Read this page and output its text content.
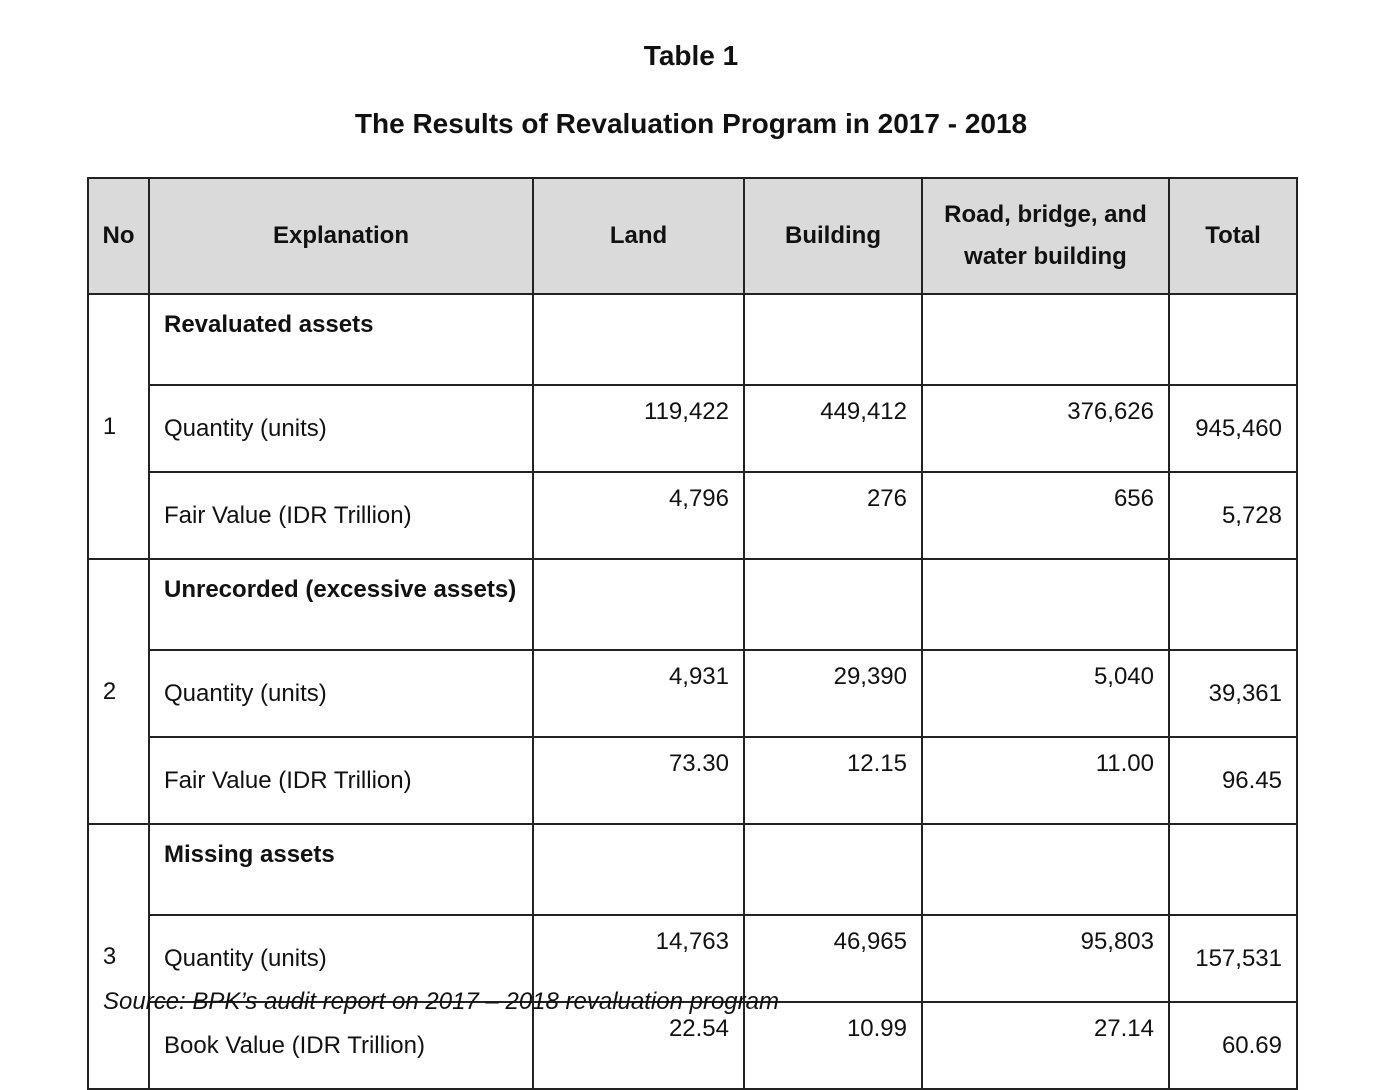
Table 1
The Results of Revaluation Program in 2017 - 2018
No	Explanation	Land	Building	Road, bridge, and
water building	Total
1	Revaluated assets				
	Quantity (units)	119,422	449,412	376,626	945,460
	Fair Value (IDR Trillion)	4,796	276	656	5,728
2	Unrecorded (excessive assets)				
	Quantity (units)	4,931	29,390	5,040	39,361
	Fair Value (IDR Trillion)	73.30	12.15	11.00	96.45
3	Missing assets				
	Quantity (units)	14,763	46,965	95,803	157,531
	Book Value (IDR Trillion)	22.54	10.99	27.14	60.69
Source: BPK’s audit report on 2017 – 2018 revaluation program
